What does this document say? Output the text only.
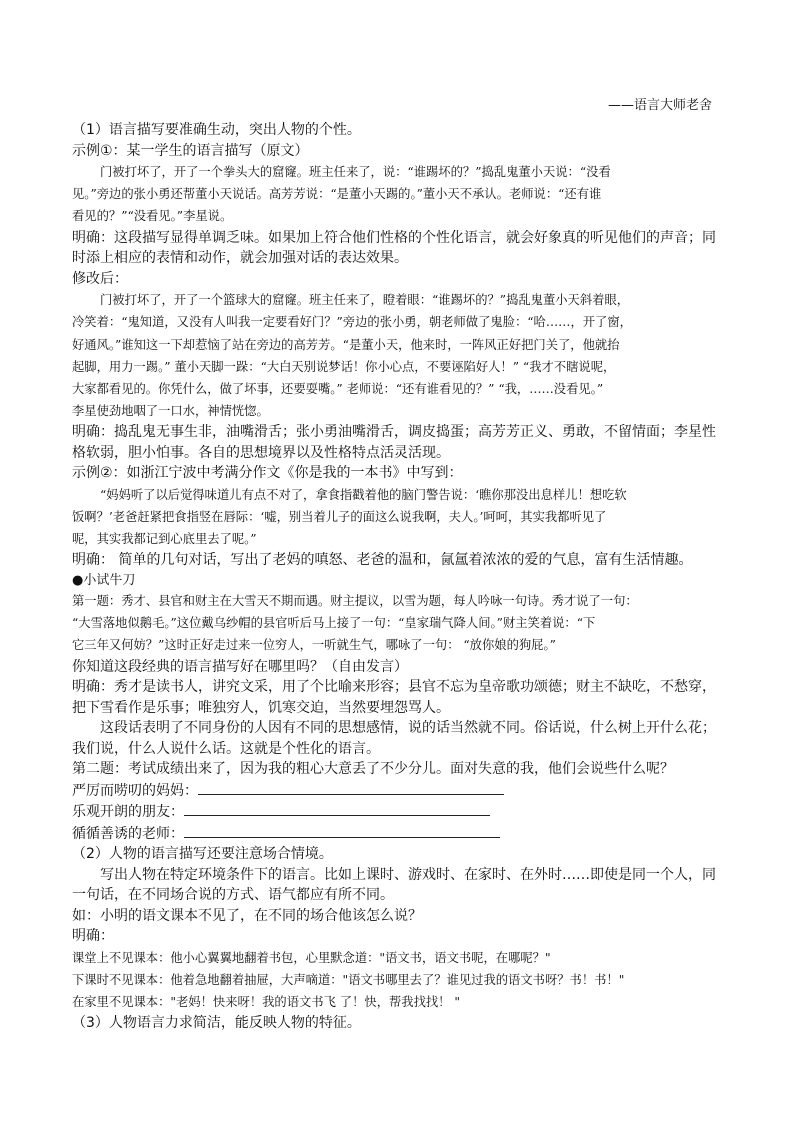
——语言大师老舍
（1）语言描写要准确生动，突出人物的个性。
示例①：某一学生的语言描写（原文）
门被打坏了，开了一个拳头大的窟窿。班主任来了，说：“谁踢坏的？”捣乱鬼董小天说：“没看
见。”旁边的张小勇还帮董小天说话。高芳芳说：“是董小天踢的。”董小天不承认。老师说：“还有谁
看见的？”“没看见。”李星说。
明确：这段描写显得单调乏味。如果加上符合他们性格的个性化语言，就会好象真的听见他们的声音；同
时添上相应的表情和动作，就会加强对话的表达效果。
修改后：
门被打坏了，开了一个篮球大的窟窿。班主任来了，瞪着眼：“谁踢坏的？”捣乱鬼董小天斜着眼，
冷笑着：“鬼知道，又没有人叫我一定要看好门？”旁边的张小勇，朝老师做了鬼脸：“哈……，开了窗，
好通风。”谁知这一下却惹恼了站在旁边的高芳芳。“是董小天，他来时，一阵风正好把门关了，他就抬
起脚，用力一踢。” 董小天脚一跺：“大白天别说梦话！你小心点，不要诬陷好人！” “我才不瞎说呢，
大家都看见的。你凭什么，做了坏事，还要耍嘴。” 老师说：“还有谁看见的？” “我，……没看见。”
李星使劲地咽了一口水，神情恍惚。
明确：捣乱鬼无事生非，油嘴滑舌；张小勇油嘴滑舌，调皮捣蛋；高芳芳正义、勇敢，不留情面；李星性
格软弱，胆小怕事。各自的思想境界以及性格特点活灵活现。
示例②：如浙江宁波中考满分作文《你是我的一本书》中写到：
“妈妈听了以后觉得味道儿有点不对了，拿食指戳着他的脑门警告说：‘瞧你那没出息样儿！想吃软
饭啊？’老爸赶紧把食指竖在唇际：‘嘘，别当着儿子的面这么说我啊，夫人。’呵呵，其实我都听见了
呢，其实我都记到心底里去了呢。”
明确： 简单的几句对话，写出了老妈的嗔怒、老爸的温和，氤氲着浓浓的爱的气息，富有生活情趣。
●小试牛刀
第一题：秀才、县官和财主在大雪天不期而遇。财主提议，以雪为题，每人吟咏一句诗。秀才说了一句：
“大雪落地似鹅毛。”这位戴乌纱帽的县官听后马上接了一句：“皇家瑞气降人间。”财主笑着说：“下
它三年又何妨？”这时正好走过来一位穷人，一听就生气，哪咏了一句： “放你娘的狗屁。”
你知道这段经典的语言描写好在哪里吗？（自由发言）
明确：秀才是读书人，讲究文采，用了个比喻来形容；县官不忘为皇帝歌功颂德；财主不缺吃，不愁穿，
把下雪看作是乐事；唯独穷人，饥寒交迫，当然要埋怨骂人。
这段话表明了不同身份的人因有不同的思想感情，说的话当然就不同。俗话说，什么树上开什么花；
我们说，什么人说什么话。这就是个性化的语言。
第二题：考试成绩出来了，因为我的粗心大意丢了不少分儿。面对失意的我，他们会说些什么呢？
严厉而唠叨的妈妈：
乐观开朗的朋友：
循循善诱的老师：
（2）人物的语言描写还要注意场合情境。
写出人物在特定环境条件下的语言。比如上课时、游戏时、在家时、在外时……即使是同一个人，同
一句话，在不同场合说的方式、语气都应有所不同。
如：小明的语文课本不见了，在不同的场合他该怎么说？
明确：
课堂上不见课本：他小心翼翼地翻着书包，心里默念道："语文书，语文书呢，在哪呢？"
下课时不见课本：他着急地翻着抽屉，大声嘀道："语文书哪里去了？谁见过我的语文书呀？书！书！"
在家里不见课本："老妈！快来呀！我的语文书飞 了！快，帮我找找！ "
（3）人物语言力求简洁，能反映人物的特征。
